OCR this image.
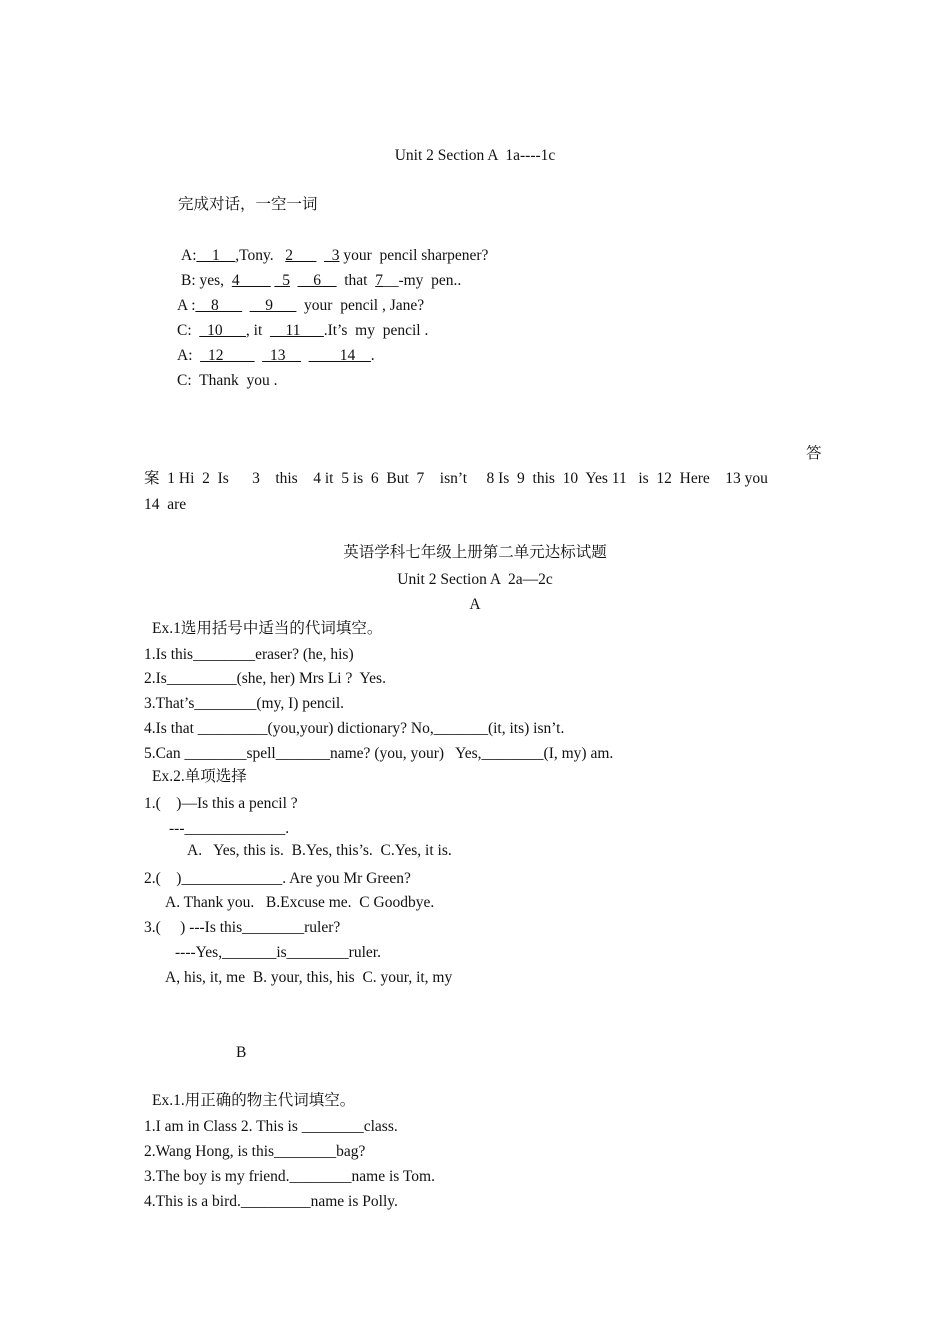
Unit 2 Section A  1a----1c
完成对话，一空一词
A:__1__,Tony.   2___ _3 your  pencil sharpener?
B: yes,  4____ _5 __6__  that  7__-my  pen..
A :__8___ __9___  your  pencil , Jane?
C:  _10___, it  __11___.It’s  my  pencil .
A:  _12____ _13__ ____14__.
C:  Thank  you .
答
案  1 Hi  2  Is      3    this    4 it  5 is  6  But  7    isn’t     8 Is  9  this  10  Yes 11   is  12  Here    13 you
14  are
英语学科七年级上册第二单元达标试题
Unit 2 Section A  2a—2c
A
Ex.1选用括号中适当的代词填空。
1.Is this________eraser? (he, his)
2.Is_________(she, her) Mrs Li ?  Yes.
3.That’s________(my, I) pencil.
4.Is that _________(you,your) dictionary? No,_______(it, its) isn’t.
5.Can ________spell_______name? (you, your)   Yes,________(I, my) am.
Ex.2.单项选择
1.(    )—Is this a pencil ?
---_____________.
A.   Yes, this is.  B.Yes, this’s.  C.Yes, it is.
2.(    )_____________. Are you Mr Green?
A. Thank you.   B.Excuse me.  C Goodbye.
3.(     ) ---Is this________ruler?
----Yes,_______is________ruler.
A, his, it, me  B. your, this, his  C. your, it, my
B
Ex.1.用正确的物主代词填空。
1.I am in Class 2. This is ________class.
2.Wang Hong, is this________bag?
3.The boy is my friend.________name is Tom.
4.This is a bird._________name is Polly.
